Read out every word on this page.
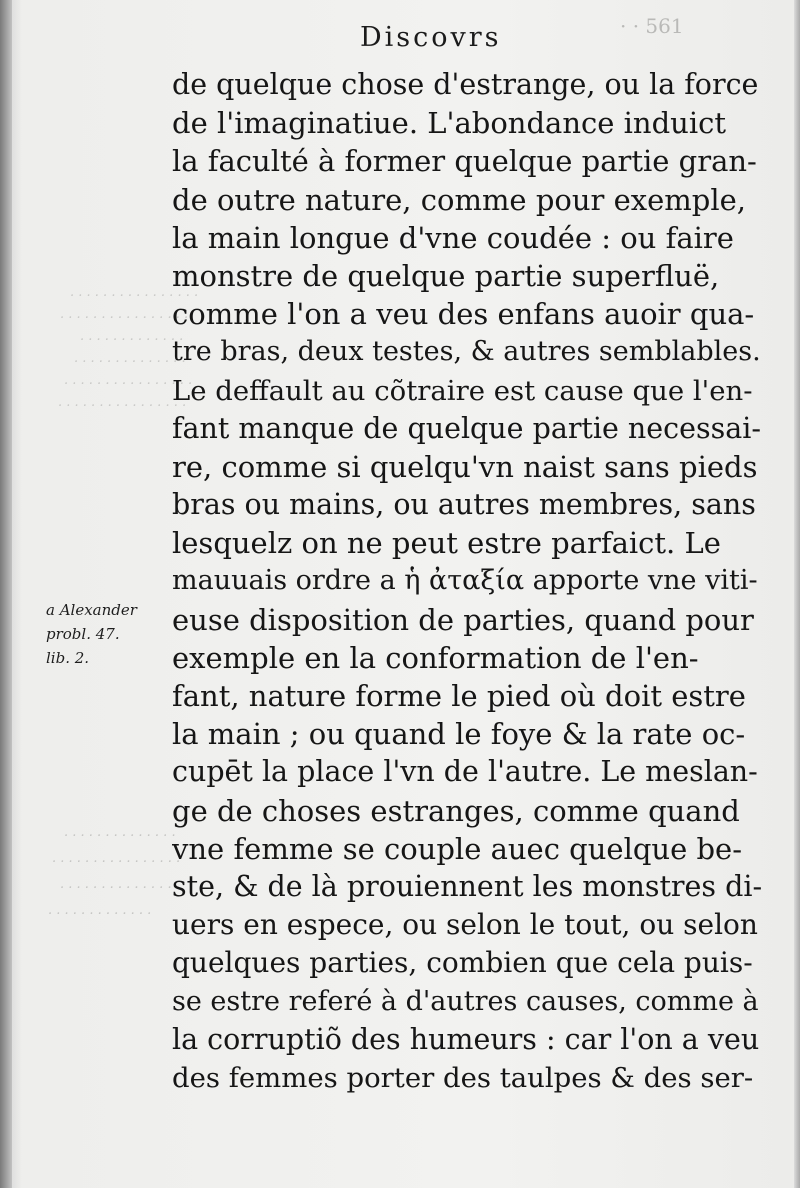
· · 561
Discovrs
. . . . . . . . . . . . . . . .
. . . . . . . . . . . . . . . .
. . . . . . . . . . . . .
. . . . . . . . . . . . . .
. . . . . . . . . . . . . . . .
. . . . . . . . . . . . . . . .
. . . . . . . . . . . . . .
. . . . . . . . . . . . . . . .
. . . . . . . . . . . . . . .
. . . . . . . . . . . . .
de quelque chose d'estrange, ou la force
de l'imaginatiue. L'abondance induict
la faculté à former quelque partie gran-
de outre nature, comme pour exemple,
la main longue d'vne coudée : ou faire
monstre de quelque partie superfluë,
comme l'on a veu des enfans auoir qua-
tre bras, deux testes, & autres semblables.
Le deffault au cõtraire est cause que l'en-
fant manque de quelque partie necessai-
re, comme si quelqu'vn naist sans pieds
bras ou mains, ou autres membres, sans
lesquelz on ne peut estre parfaict. Le
mauuais ordre a ἡ ἀταξία apporte vne viti-
euse disposition de parties, quand pour
exemple en la conformation de l'en-
fant, nature forme le pied où doit estre
la main ; ou quand le foye & la rate oc-
cupēt la place l'vn de l'autre. Le meslan-
ge de choses estranges, comme quand
vne femme se couple auec quelque be-
ste, & de là prouiennent les monstres di-
uers en espece, ou selon le tout, ou selon
quelques parties, combien que cela puis-
se estre referé à d'autres causes, comme à
la corruptiõ des humeurs : car l'on a veu
des femmes porter des taulpes & des ser-
a Alexander
probl. 47.
lib. 2.
